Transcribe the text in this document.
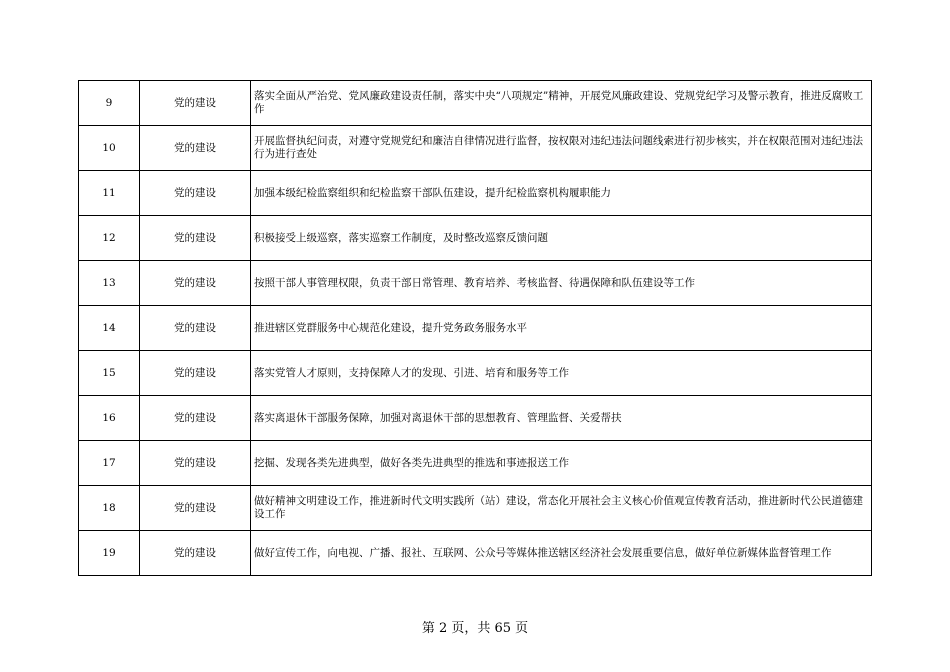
9	党的建设	落实全面从严治党、党风廉政建设责任制，落实中央“八项规定”精神，开展党风廉政建设、党规党纪学习及警示教育，推进反腐败工作
10	党的建设	开展监督执纪问责，对遵守党规党纪和廉洁自律情况进行监督，按权限对违纪违法问题线索进行初步核实，并在权限范围对违纪违法行为进行查处
11	党的建设	加强本级纪检监察组织和纪检监察干部队伍建设，提升纪检监察机构履职能力
12	党的建设	积极接受上级巡察，落实巡察工作制度，及时整改巡察反馈问题
13	党的建设	按照干部人事管理权限，负责干部日常管理、教育培养、考核监督、待遇保障和队伍建设等工作
14	党的建设	推进辖区党群服务中心规范化建设，提升党务政务服务水平
15	党的建设	落实党管人才原则，支持保障人才的发现、引进、培育和服务等工作
16	党的建设	落实离退休干部服务保障，加强对离退休干部的思想教育、管理监督、关爱帮扶
17	党的建设	挖掘、发现各类先进典型，做好各类先进典型的推选和事迹报送工作
18	党的建设	做好精神文明建设工作，推进新时代文明实践所（站）建设，常态化开展社会主义核心价值观宣传教育活动，推进新时代公民道德建设工作
19	党的建设	做好宣传工作，向电视、广播、报社、互联网、公众号等媒体推送辖区经济社会发展重要信息，做好单位新媒体监督管理工作
第 2 页，共 65 页
